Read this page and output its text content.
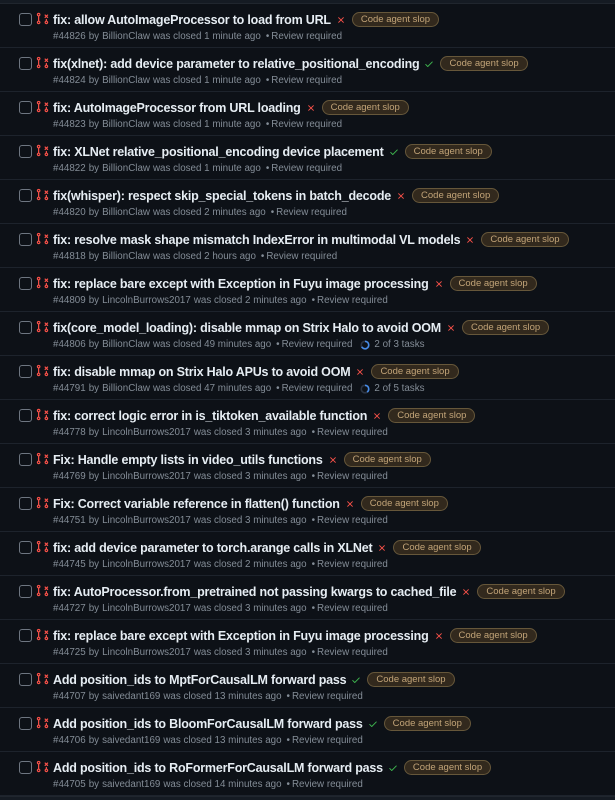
fix: allow AutoImageProcessor to load from URL	Code agent slop
#44826 by BillionClaw was closed 1 minute ago • Review required
fix(xlnet): add device parameter to relative_positional_encoding	Code agent slop
#44824 by BillionClaw was closed 1 minute ago • Review required
fix: AutoImageProcessor from URL loading	Code agent slop
#44823 by BillionClaw was closed 1 minute ago • Review required
fix: XLNet relative_positional_encoding device placement	Code agent slop
#44822 by BillionClaw was closed 1 minute ago • Review required
fix(whisper): respect skip_special_tokens in batch_decode	Code agent slop
#44820 by BillionClaw was closed 2 minutes ago • Review required
fix: resolve mask shape mismatch IndexError in multimodal VL models	Code agent slop
#44818 by BillionClaw was closed 2 hours ago • Review required
fix: replace bare except with Exception in Fuyu image processing	Code agent slop
#44809 by LincolnBurrows2017 was closed 2 minutes ago • Review required
fix(core_model_loading): disable mmap on Strix Halo to avoid OOM	Code agent slop
#44806 by BillionClaw was closed 49 minutes ago • Review required 2 of 3 tasks
fix: disable mmap on Strix Halo APUs to avoid OOM	Code agent slop
#44791 by BillionClaw was closed 47 minutes ago • Review required 2 of 5 tasks
fix: correct logic error in is_tiktoken_available function	Code agent slop
#44778 by LincolnBurrows2017 was closed 3 minutes ago • Review required
Fix: Handle empty lists in video_utils functions	Code agent slop
#44769 by LincolnBurrows2017 was closed 3 minutes ago • Review required
Fix: Correct variable reference in flatten() function	Code agent slop
#44751 by LincolnBurrows2017 was closed 3 minutes ago • Review required
fix: add device parameter to torch.arange calls in XLNet	Code agent slop
#44745 by LincolnBurrows2017 was closed 2 minutes ago • Review required
fix: AutoProcessor.from_pretrained not passing kwargs to cached_file	Code agent slop
#44727 by LincolnBurrows2017 was closed 3 minutes ago • Review required
fix: replace bare except with Exception in Fuyu image processing	Code agent slop
#44725 by LincolnBurrows2017 was closed 3 minutes ago • Review required
Add position_ids to MptForCausalLM forward pass	Code agent slop
#44707 by saivedant169 was closed 13 minutes ago • Review required
Add position_ids to BloomForCausalLM forward pass	Code agent slop
#44706 by saivedant169 was closed 13 minutes ago • Review required
Add position_ids to RoFormerForCausalLM forward pass	Code agent slop
#44705 by saivedant169 was closed 14 minutes ago • Review required
